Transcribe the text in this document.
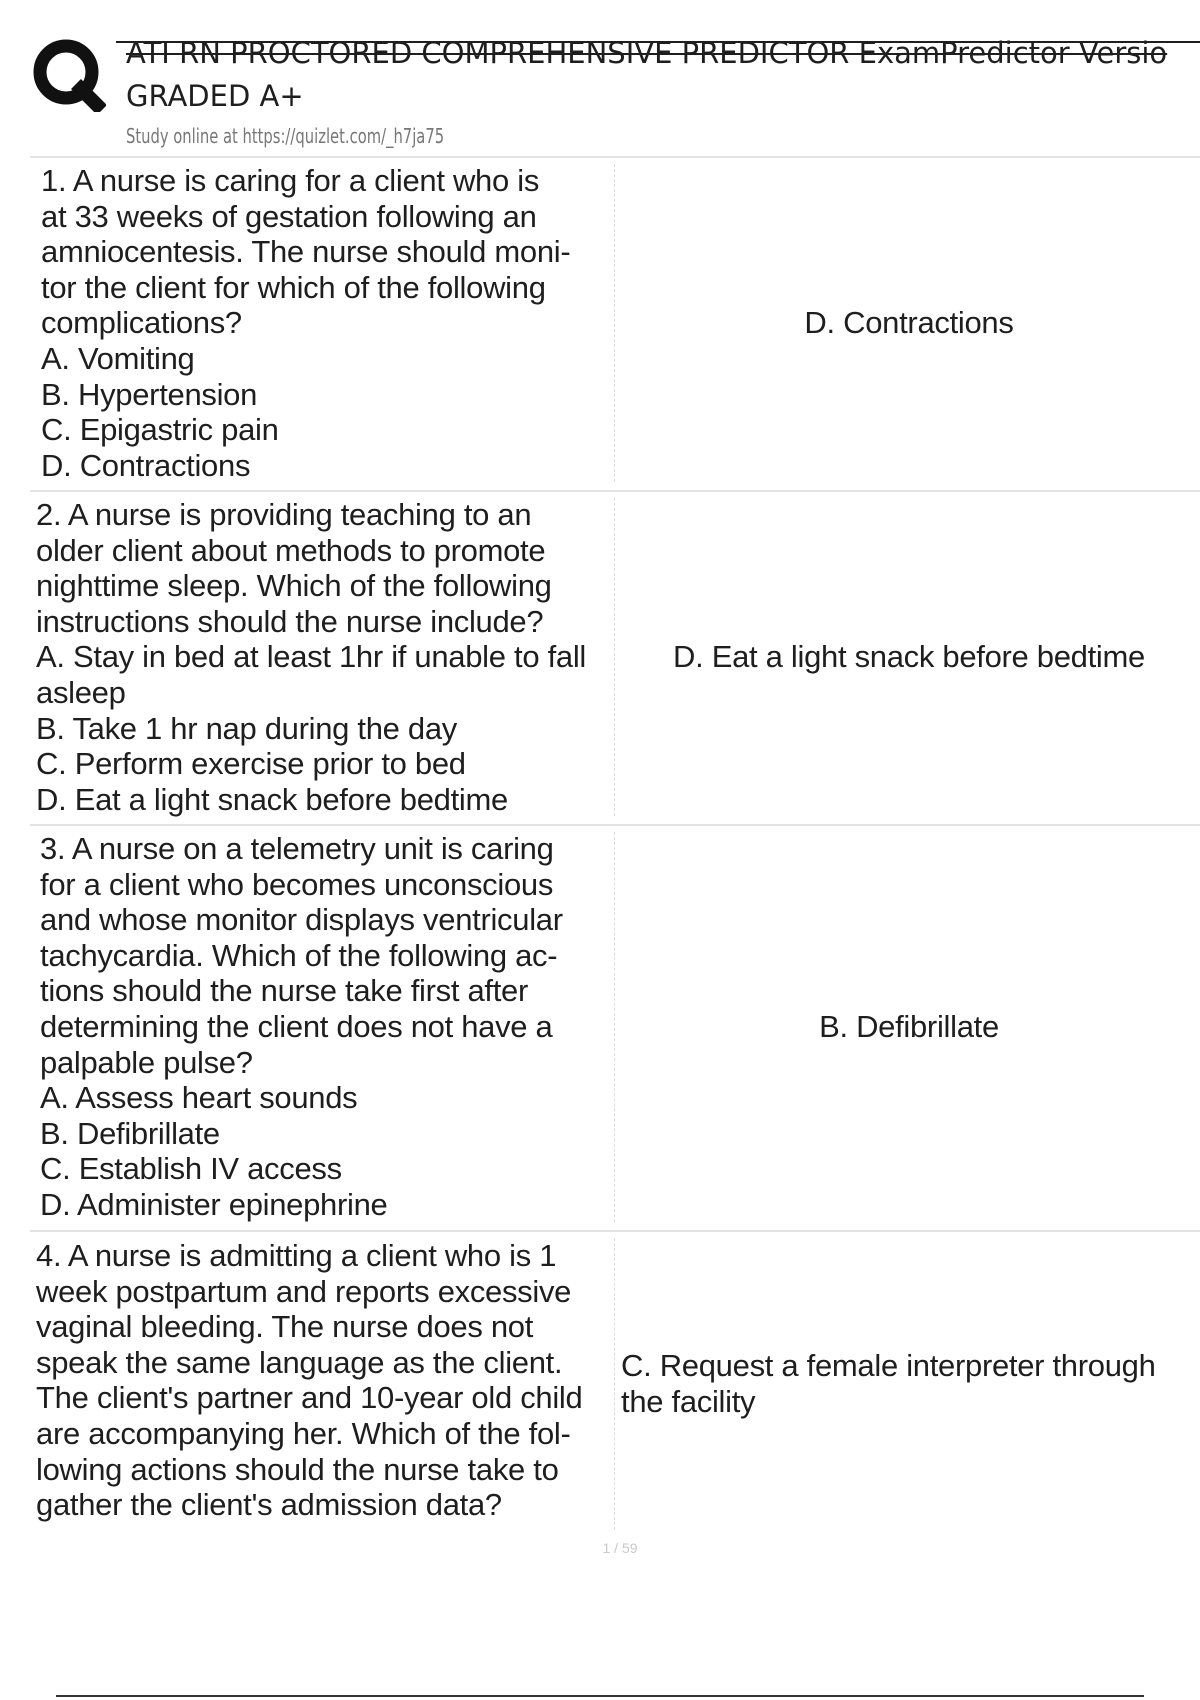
ATI RN PROCTORED COMPREHENSIVE PREDICTOR ExamPredictor Versio
GRADED A+
Study online at https://quizlet.com/_h7ja75
1. A nurse is caring for a client who is
at 33 weeks of gestation following an
amniocentesis. The nurse should moni-
tor the client for which of the following
complications?
A. Vomiting
B. Hypertension
C. Epigastric pain
D. Contractions
D. Contractions
2. A nurse is providing teaching to an
older client about methods to promote
nighttime sleep. Which of the following
instructions should the nurse include?
A. Stay in bed at least 1hr if unable to fall
asleep
B. Take 1 hr nap during the day
C. Perform exercise prior to bed
D. Eat a light snack before bedtime
D. Eat a light snack before bedtime
3. A nurse on a telemetry unit is caring
for a client who becomes unconscious
and whose monitor displays ventricular
tachycardia. Which of the following ac-
tions should the nurse take first after
determining the client does not have a
palpable pulse?
A. Assess heart sounds
B. Defibrillate
C. Establish IV access
D. Administer epinephrine
B. Defibrillate
4. A nurse is admitting a client who is 1
week postpartum and reports excessive
vaginal bleeding. The nurse does not
speak the same language as the client.
The client's partner and 10-year old child
are accompanying her. Which of the fol-
lowing actions should the nurse take to
gather the client's admission data?
C. Request a female interpreter through
the facility
1 / 59
